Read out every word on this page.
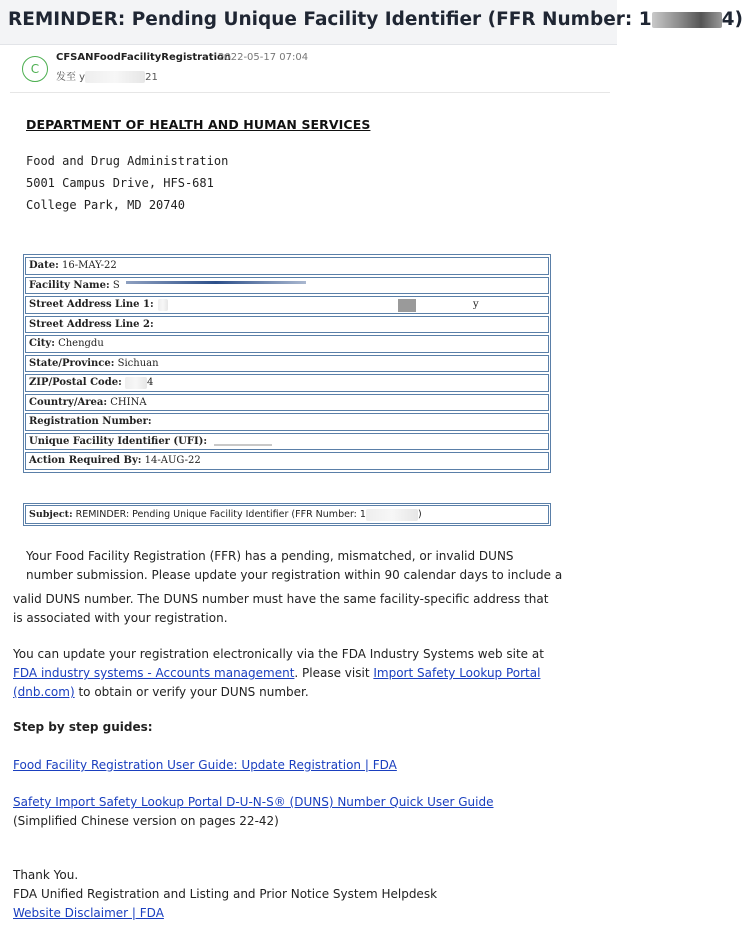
REMINDER: Pending Unique Facility Identifier (FFR Number: 1	4)
C
CFSANFoodFacilityRegistration
2022-05-17 07:04
发至 y	21
DEPARTMENT OF HEALTH AND HUMAN SERVICES
Food and Drug Administration
5001 Campus Drive, HFS-681
College Park, MD 20740
Date: 16-MAY-22
Facility Name: S
Street Address Line 1:	y
Street Address Line 2:
City: Chengdu
State/Province: Sichuan
ZIP/Postal Code:	4
Country/Area: CHINA
Registration Number:
Unique Facility Identifier (UFI):
Action Required By: 14-AUG-22
Subject: REMINDER: Pending Unique Facility Identifier (FFR Number: 1	)
Your Food Facility Registration (FFR) has a pending, mismatched, or invalid DUNS
number submission. Please update your registration within 90 calendar days to include a
valid DUNS number. The DUNS number must have the same facility-specific address that
is associated with your registration.
You can update your registration electronically via the FDA Industry Systems web site at
FDA industry systems - Accounts management. Please visit Import Safety Lookup Portal
(dnb.com) to obtain or verify your DUNS number.
Step by step guides:
Food Facility Registration User Guide: Update Registration | FDA
Safety Import Safety Lookup Portal D-U-N-S® (DUNS) Number Quick User Guide
(Simplified Chinese version on pages 22-42)
Thank You.
FDA Unified Registration and Listing and Prior Notice System Helpdesk
Website Disclaimer | FDA
